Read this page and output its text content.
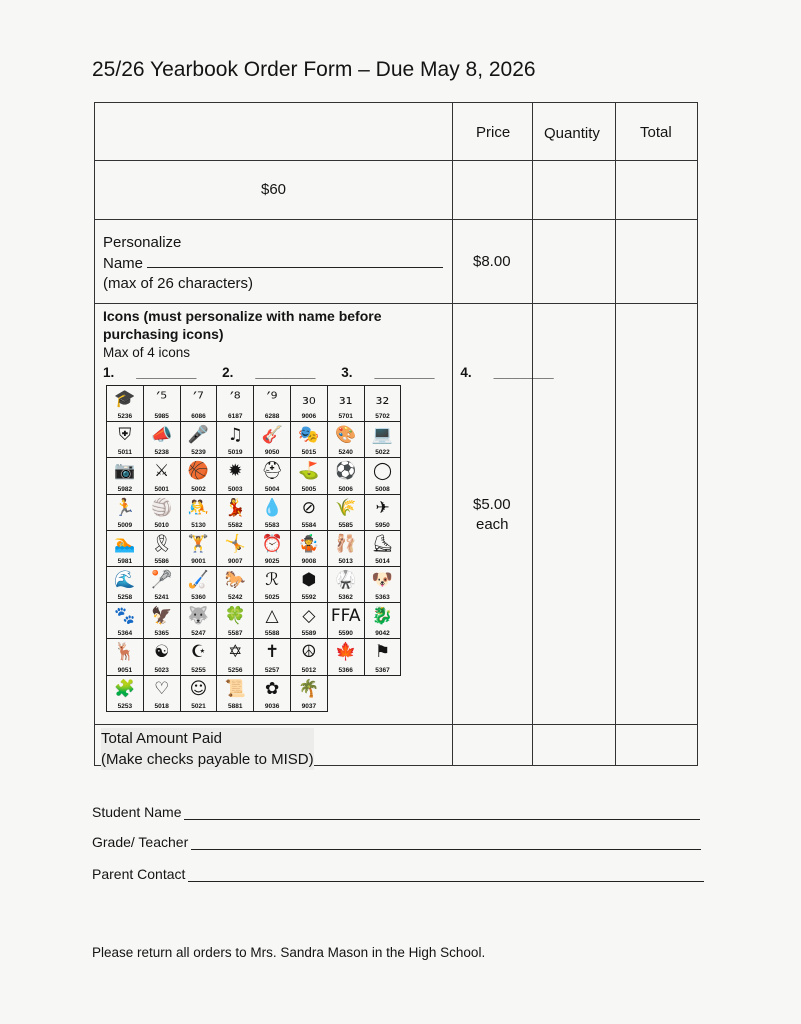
25/26 Yearbook Order Form – Due May 8, 2026
Price Quantity	Total
$60
Personalize
Name
(max of 26 characters)
$8.00
Icons (must personalize with name before purchasing icons)
Max of 4 icons
1. ________ 2. ________ 3. ________ 4. ________
🎓
5236
′⁵
5985
′⁷
6086
′⁸
6187
′⁹
6288
₃₀
9006
₃₁
5701
₃₂
5702
⛨
5011
📣
5238
🎤
5239
♫
5019
🎸
9050
🎭
5015
🎨
5240
💻
5022
📷
5982
⚔
5001
🏀
5002
✹
5003
⛑
5004
⛳
5005
⚽
5006
◯
5008
🏃
5009
🏐
5010
🤼
5130
💃
5582
💧
5583
⊘
5584
🌾
5585
✈
5950
🏊
5981
🎗
5586
🏋
9001
🤸
9007
⏰
9025
🤹
9008
🩰
5013
⛸
5014
🌊
5258
🥍
5241
🏑
5360
🐎
5242
ℛ
5025
⬢
5592
🥋
5362
🐶
5363
🐾
5364
🦅
5365
🐺
5247
🍀
5587
△
5588
◇
5589
FFA
5590
🐉
9042
🦌
9051
☯
5023
☪
5255
✡
5256
✝
5257
☮
5012
🍁
5366
⚑
5367
🧩
5253
♡
5018
☺
5021
📜
5881
✿
9036
🌴
9037
$5.00
each
Total Amount Paid
(Make checks payable to MISD)
Student Name
Grade/ Teacher
Parent Contact
Please return all orders to Mrs. Sandra Mason in the High School.
